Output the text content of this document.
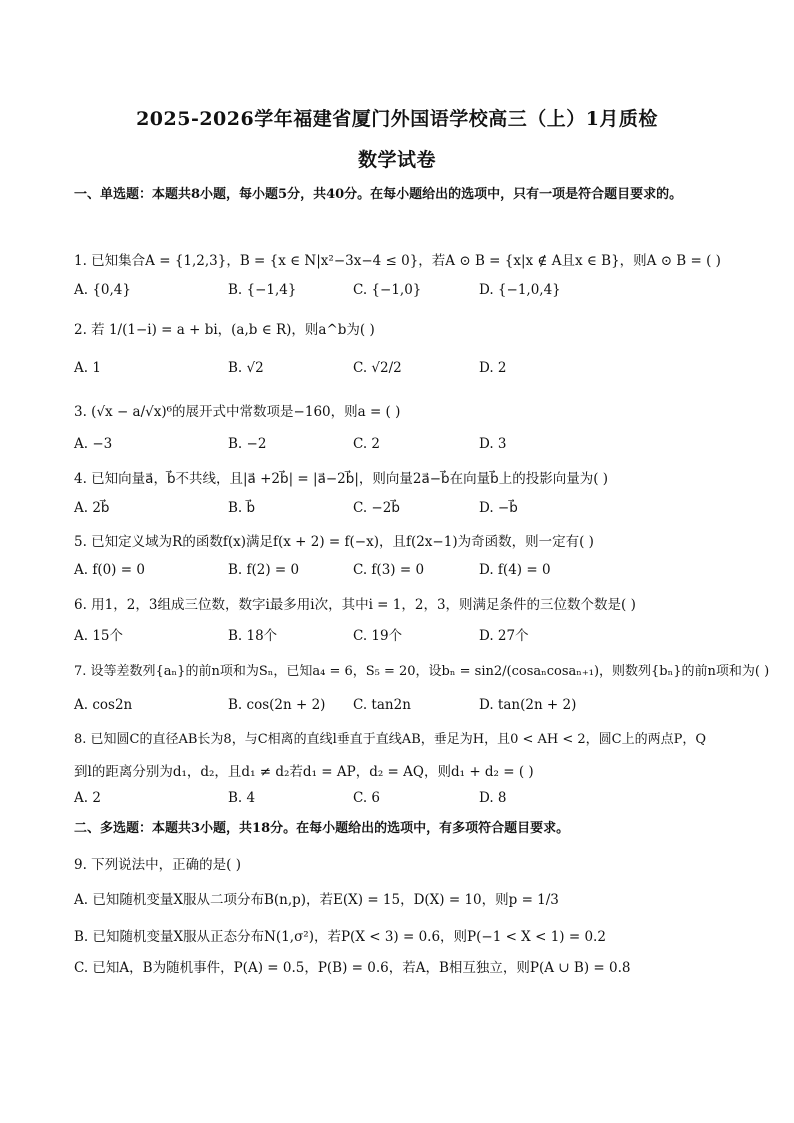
2025-2026学年福建省厦门外国语学校高三（上）1月质检
数学试卷
一、单选题：本题共8小题，每小题5分，共40分。在每小题给出的选项中，只有一项是符合题目要求的。
1. 已知集合A = {1,2,3}，B = {x ∈ N|x²−3x−4 ≤ 0}，若A ⊙ B = {x|x ∉ A且x ∈ B}，则A ⊙ B = ( )
A. {0,4}	B. {−1,4}	C. {−1,0}	D. {−1,0,4}
2. 若 1/(1−i) = a + bi，(a,b ∈ R)，则a^b为( )
A. 1	B. √2	C. √2/2	D. 2
3. (√x − a/√x)⁶的展开式中常数项是−160，则a = ( )
A. −3	B. −2	C. 2	D. 3
4. 已知向量a⃗，b⃗不共线，且|a⃗ +2b⃗| = |a⃗−2b⃗|，则向量2a⃗−b⃗在向量b⃗上的投影向量为( )
A. 2b⃗	B. b⃗	C. −2b⃗	D. −b⃗
5. 已知定义域为R的函数f(x)满足f(x + 2) = f(−x)，且f(2x−1)为奇函数，则一定有( )
A. f(0) = 0	B. f(2) = 0	C. f(3) = 0	D. f(4) = 0
6. 用1，2，3组成三位数，数字i最多用i次，其中i = 1，2，3，则满足条件的三位数个数是( )
A. 15个	B. 18个	C. 19个	D. 27个
7. 设等差数列{aₙ}的前n项和为Sₙ，已知a₄ = 6，S₅ = 20，设bₙ = sin2/(cosaₙcosaₙ₊₁)，则数列{bₙ}的前n项和为( )
A. cos2n	B. cos(2n + 2) C. tan2n	D. tan(2n + 2)
8. 已知圆C的直径AB长为8，与C相离的直线l垂直于直线AB，垂足为H，且0 < AH < 2，圆C上的两点P，Q
到l的距离分别为d₁，d₂，且d₁ ≠ d₂若d₁ = AP，d₂ = AQ，则d₁ + d₂ = ( )
A. 2	B. 4	C. 6	D. 8
二、多选题：本题共3小题，共18分。在每小题给出的选项中，有多项符合题目要求。
9. 下列说法中，正确的是( )
A. 已知随机变量X服从二项分布B(n,p)，若E(X) = 15，D(X) = 10，则p = 1/3
B. 已知随机变量X服从正态分布N(1,σ²)，若P(X < 3) = 0.6，则P(−1 < X < 1) = 0.2
C. 已知A，B为随机事件，P(A) = 0.5，P(B) = 0.6，若A，B相互独立，则P(A ∪ B) = 0.8
